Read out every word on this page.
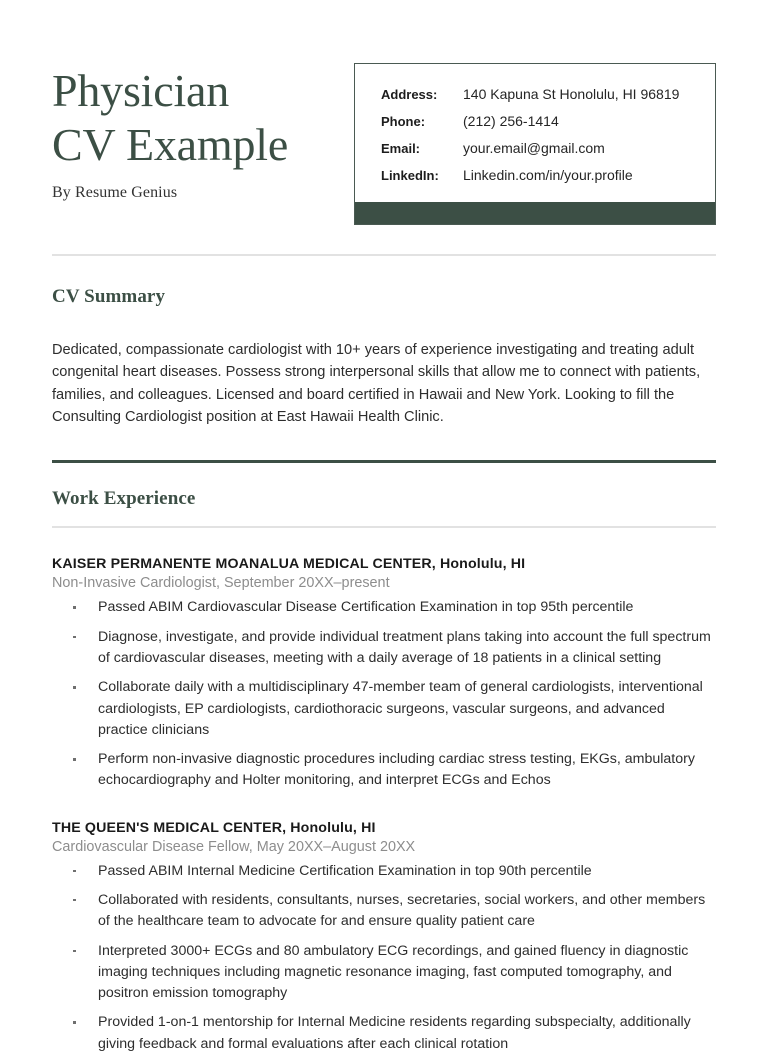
Physician
CV Example
By Resume Genius
Address:	140 Kapuna St Honolulu, HI 96819
Phone:	(212) 256-1414
Email:	your.email@gmail.com
LinkedIn:	Linkedin.com/in/your.profile
CV Summary

Dedicated, compassionate cardiologist with 10+ years of experience investigating and treating adult congenital heart diseases. Possess strong interpersonal skills that allow me to connect with patients, families, and colleagues. Licensed and board certified in Hawaii and New York. Looking to fill the Consulting Cardiologist position at East Hawaii Health Clinic.

Work Experience
KAISER PERMANENTE MOANALUA MEDICAL CENTER, Honolulu, HI
Non-Invasive Cardiologist, September 20XX–present
Passed ABIM Cardiovascular Disease Certification Examination in top 95th percentile
Diagnose, investigate, and provide individual treatment plans taking into account the full spectrum of cardiovascular diseases, meeting with a daily average of 18 patients in a clinical setting
Collaborate daily with a multidisciplinary 47-member team of general cardiologists, interventional cardiologists, EP cardiologists, cardiothoracic surgeons, vascular surgeons, and advanced practice clinicians
Perform non-invasive diagnostic procedures including cardiac stress testing, EKGs, ambulatory echocardiography and Holter monitoring, and interpret ECGs and Echos
THE QUEEN'S MEDICAL CENTER, Honolulu, HI
Cardiovascular Disease Fellow, May 20XX–August 20XX
Passed ABIM Internal Medicine Certification Examination in top 90th percentile
Collaborated with residents, consultants, nurses, secretaries, social workers, and other members of the healthcare team to advocate for and ensure quality patient care
Interpreted 3000+ ECGs and 80 ambulatory ECG recordings, and gained fluency in diagnostic imaging techniques including magnetic resonance imaging, fast computed tomography, and positron emission tomography
Provided 1-on-1 mentorship for Internal Medicine residents regarding subspecialty, additionally giving feedback and formal evaluations after each clinical rotation
